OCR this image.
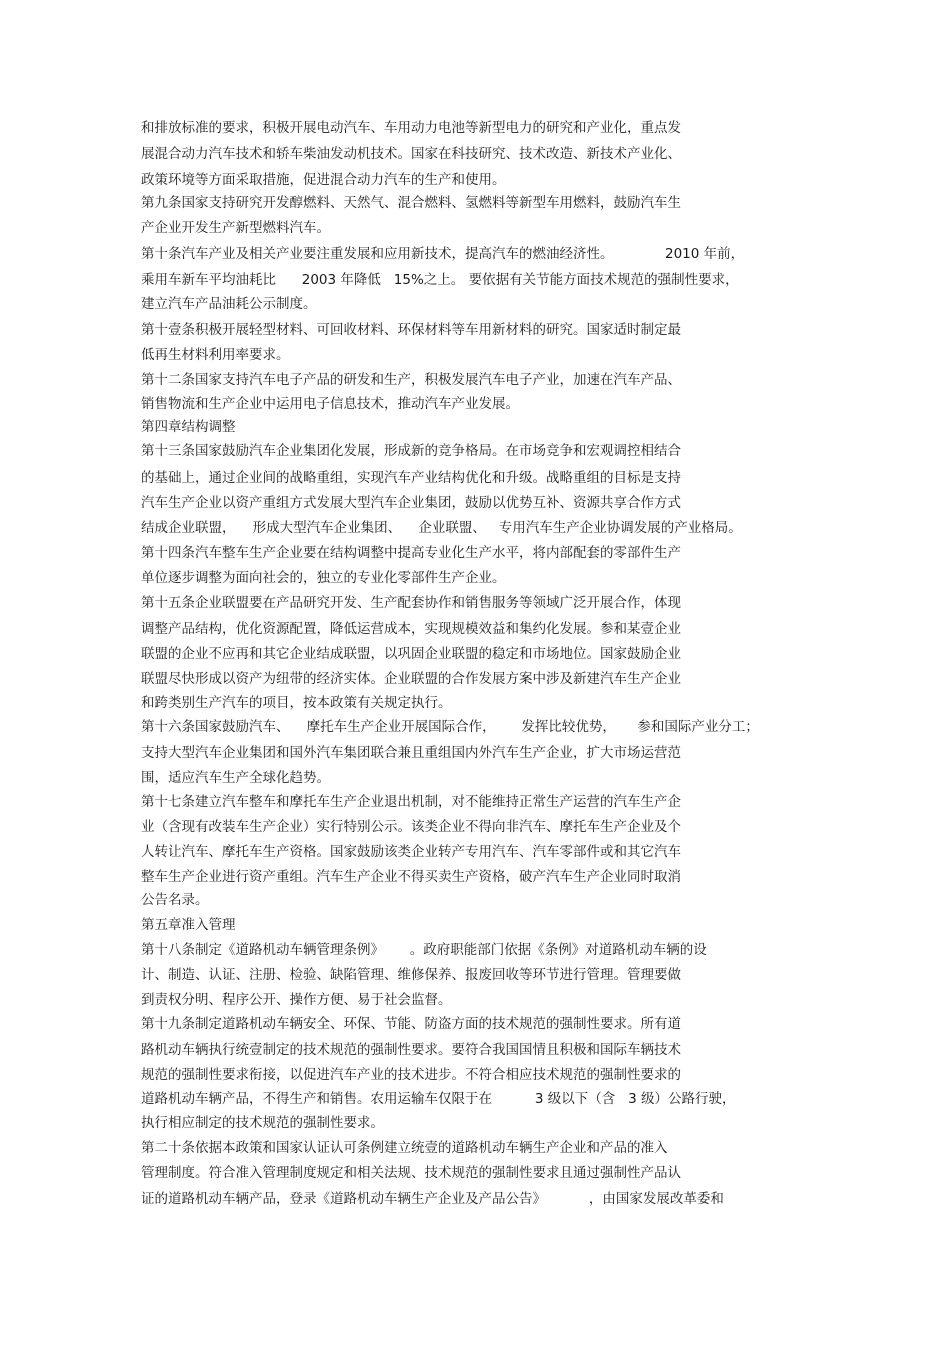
和排放标准的要求，积极开展电动汽车、车用动力电池等新型电力的研究和产业化，重点发
展混合动力汽车技术和轿车柴油发动机技术。国家在科技研究、技术改造、新技术产业化、
政策环境等方面采取措施，促进混合动力汽车的生产和使用。
第九条国家支持研究开发醇燃料、天然气、混合燃料、氢燃料等新型车用燃料，鼓励汽车生
产企业开发生产新型燃料汽车。
第十条汽车产业及相关产业要注重发展和应用新技术，提高汽车的燃油经济性。            2010 年前，
乘用车新车平均油耗比      2003 年降低   15%之上。 要依据有关节能方面技术规范的强制性要求，
建立汽车产品油耗公示制度。
第十壹条积极开展轻型材料、可回收材料、环保材料等车用新材料的研究。国家适时制定最
低再生材料利用率要求。
第十二条国家支持汽车电子产品的研发和生产，积极发展汽车电子产业，加速在汽车产品、
销售物流和生产企业中运用电子信息技术，推动汽车产业发展。
第四章结构调整
第十三条国家鼓励汽车企业集团化发展，形成新的竞争格局。在市场竞争和宏观调控相结合
的基础上，通过企业间的战略重组，实现汽车产业结构优化和升级。战略重组的目标是支持
汽车生产企业以资产重组方式发展大型汽车企业集团，鼓励以优势互补、资源共享合作方式
结成企业联盟，    形成大型汽车企业集团、    企业联盟、   专用汽车生产企业协调发展的产业格局。
第十四条汽车整车生产企业要在结构调整中提高专业化生产水平，将内部配套的零部件生产
单位逐步调整为面向社会的，独立的专业化零部件生产企业。
第十五条企业联盟要在产品研究开发、生产配套协作和销售服务等领域广泛开展合作，体现
调整产品结构，优化资源配置，降低运营成本，实现规模效益和集约化发展。参和某壹企业
联盟的企业不应再和其它企业结成联盟，以巩固企业联盟的稳定和市场地位。国家鼓励企业
联盟尽快形成以资产为纽带的经济实体。企业联盟的合作发展方案中涉及新建汽车生产企业
和跨类别生产汽车的项目，按本政策有关规定执行。
第十六条国家鼓励汽车、    摩托车生产企业开展国际合作，      发挥比较优势，     参和国际产业分工；
支持大型汽车企业集团和国外汽车集团联合兼且重组国内外汽车生产企业，扩大市场运营范
围，适应汽车生产全球化趋势。
第十七条建立汽车整车和摩托车生产企业退出机制，对不能维持正常生产运营的汽车生产企
业（含现有改装车生产企业）实行特别公示。该类企业不得向非汽车、摩托车生产企业及个
人转让汽车、摩托车生产资格。国家鼓励该类企业转产专用汽车、汽车零部件或和其它汽车
整车生产企业进行资产重组。汽车生产企业不得买卖生产资格，破产汽车生产企业同时取消
公告名录。
第五章准入管理
第十八条制定《道路机动车辆管理条例》      。政府职能部门依据《条例》对道路机动车辆的设
计、制造、认证、注册、检验、缺陷管理、维修保养、报废回收等环节进行管理。管理要做
到责权分明、程序公开、操作方便、易于社会监督。
第十九条制定道路机动车辆安全、环保、节能、防盗方面的技术规范的强制性要求。所有道
路机动车辆执行统壹制定的技术规范的强制性要求。要符合我国国情且积极和国际车辆技术
规范的强制性要求衔接，以促进汽车产业的技术进步。不符合相应技术规范的强制性要求的
道路机动车辆产品，不得生产和销售。农用运输车仅限于在          3 级以下（含   3 级）公路行驶，
执行相应制定的技术规范的强制性要求。
第二十条依据本政策和国家认证认可条例建立统壹的道路机动车辆生产企业和产品的准入
管理制度。符合准入管理制度规定和相关法规、技术规范的强制性要求且通过强制性产品认
证的道路机动车辆产品，登录《道路机动车辆生产企业及产品公告》          ，由国家发展改革委和
